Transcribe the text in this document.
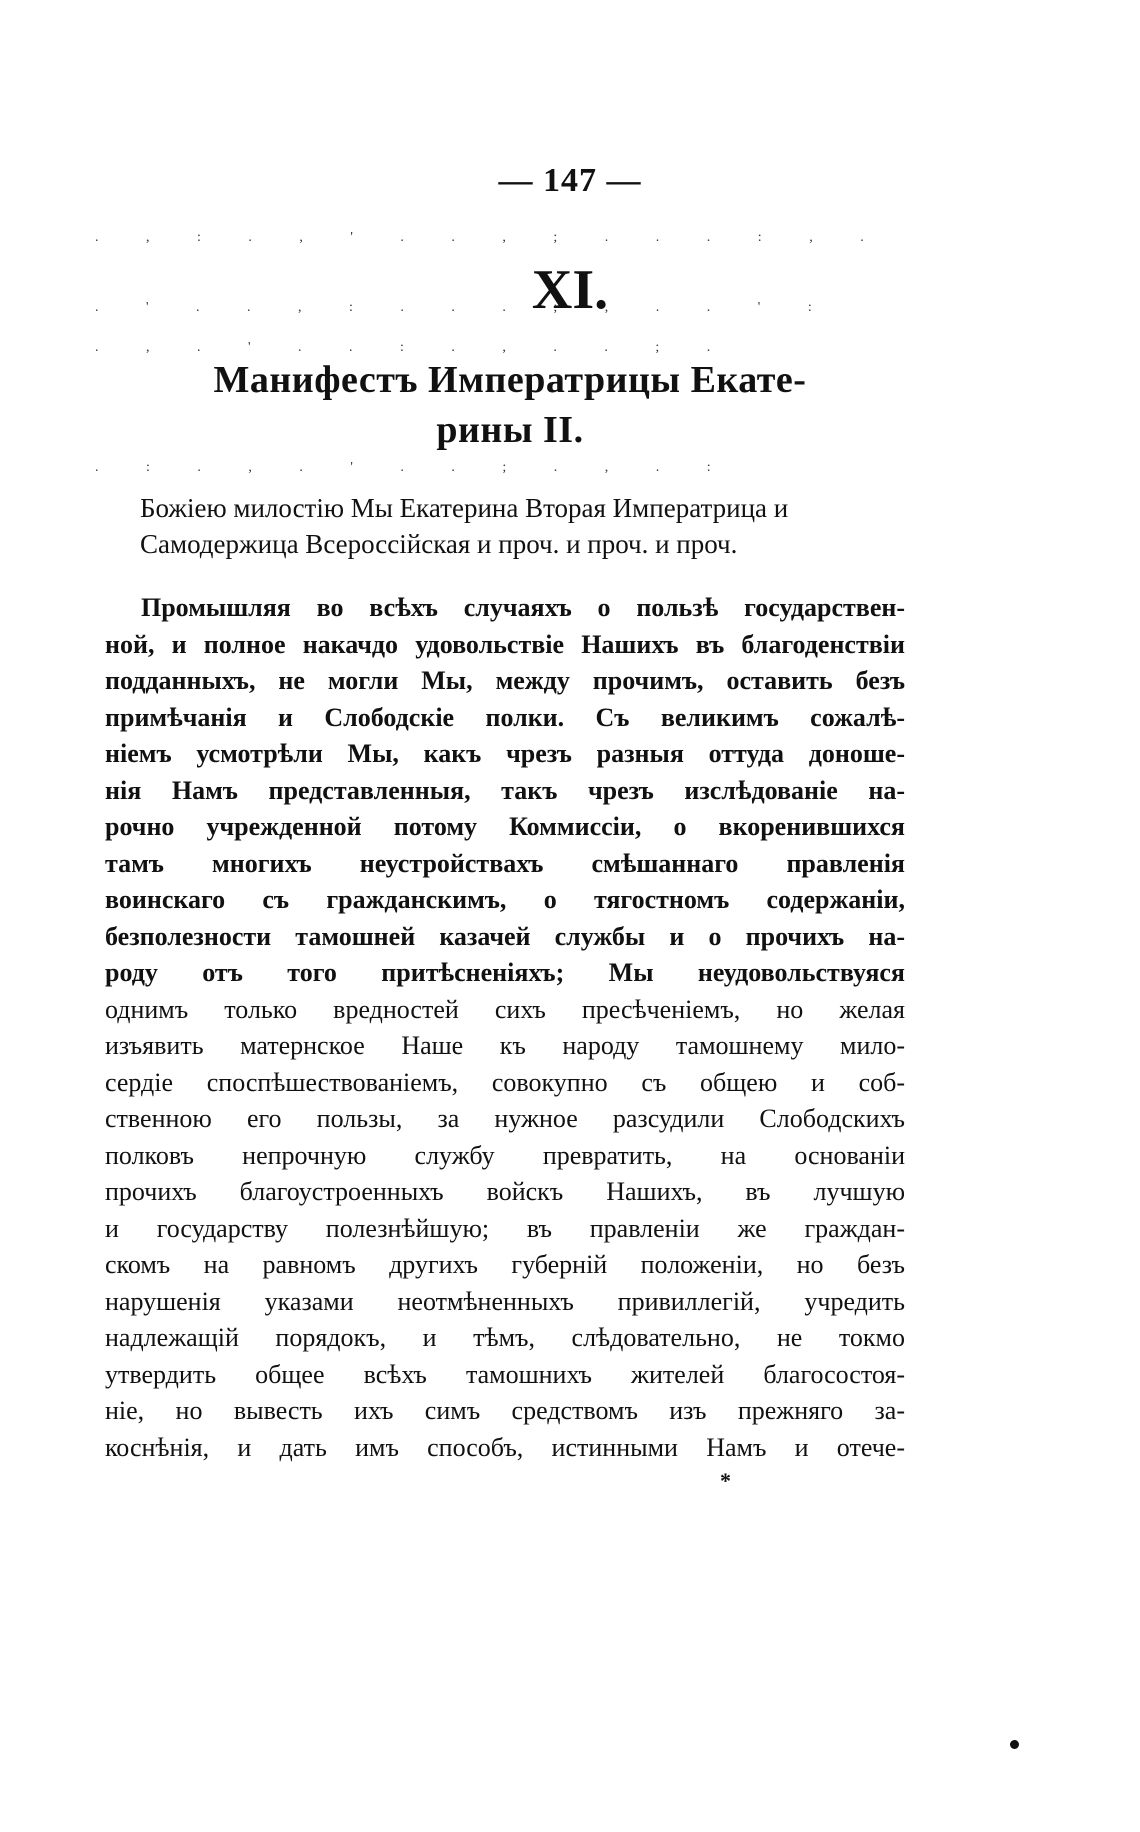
— 147 —
. , : . , ' . . , ; . . . : , .
. ' . . , : . . . ; , . . ' :
XI.
. , . ' . . : . , . . ; .
Манифестъ Императрицы Екате-
рины II.
. : . , . ' . . ; . , . :
Божiею милостiю Мы Екатерина Вторая Императрица и
Самодержица Всероссiйская и проч. и проч. и проч.
Промышляя во всѣхъ случаяхъ о пользѣ государствен-
ной, и полное накачдо удовольствiе Нашихъ въ благоденствiи
подданныхъ, не могли Мы, между прочимъ, оставить безъ
примѣчанiя и Слободскiе полки. Съ великимъ сожалѣ-
нiемъ усмотрѣли Мы, какъ чрезъ разныя оттуда доноше-
нiя Намъ представленныя, такъ чрезъ изслѣдованiе на-
рочно учрежденной потому Коммиссiи, о вкоренившихся
тамъ многихъ неустройствахъ смѣшаннаго правленiя
воинскаго съ гражданскимъ, о тягостномъ содержанiи,
безполезности тамошней казачей службы и о прочихъ на-
роду отъ того притѣсненiяхъ; Мы неудовольствуяся
однимъ только вредностей сихъ пресѣченiемъ, но желая
изъявить матернское Наше къ народу тамошнему мило-
сердiе споспѣшествованiемъ, совокупно съ общею и соб-
ственною его пользы, за нужное разсудили Слободскихъ
полковъ непрочную службу превратить, на основанiи
прочихъ благоустроенныхъ войскъ Нашихъ, въ лучшую
и государству полезнѣйшую; въ правленiи же граждан-
скомъ на равномъ другихъ губернiй положенiи, но безъ
нарушенiя указами неотмѣненныхъ привиллегiй, учредить
надлежащiй порядокъ, и тѣмъ, слѣдовательно, не токмо
утвердить общее всѣхъ тамошнихъ жителей благосостоя-
нiе, но вывесть ихъ симъ средствомъ изъ прежняго за-
коснѣнiя, и дать имъ способъ, истинными Намъ и отече-
*
